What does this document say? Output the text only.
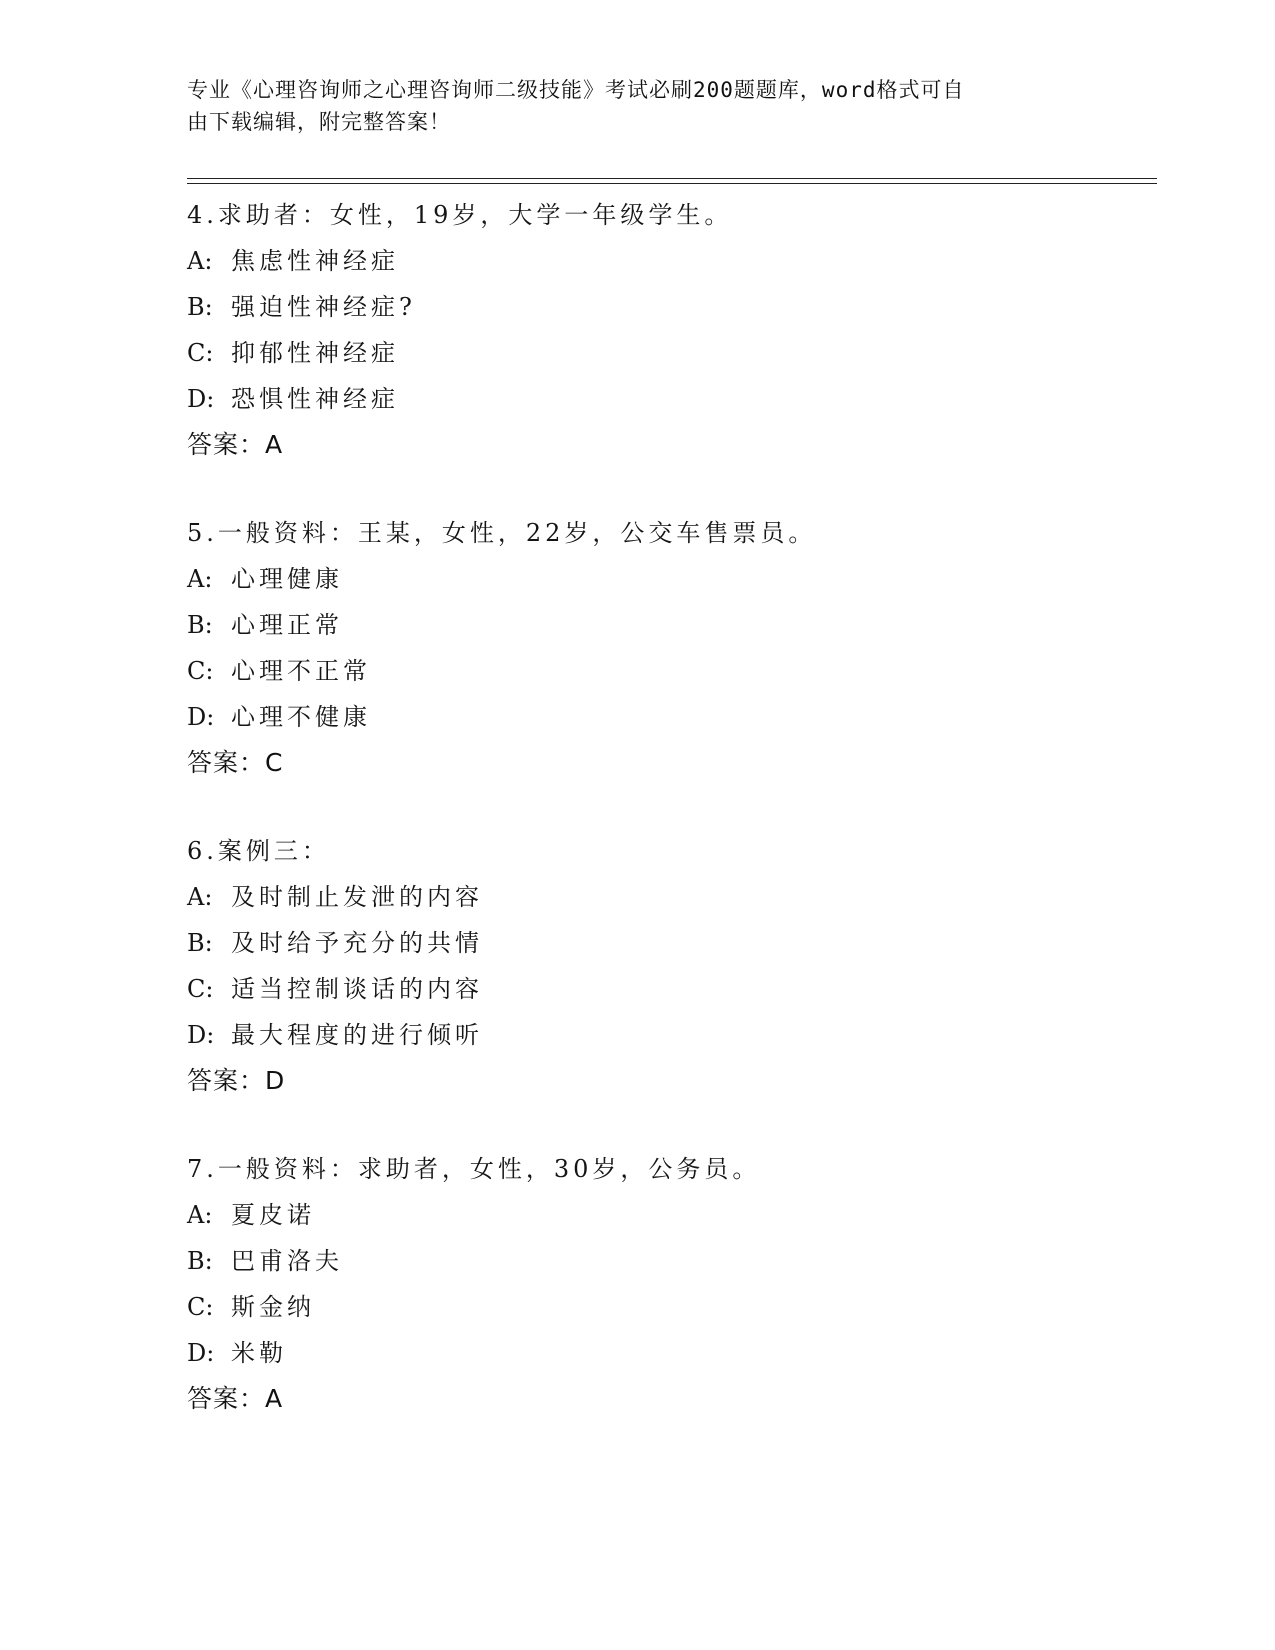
专业《心理咨询师之心理咨询师二级技能》考试必刷200题题库，word格式可自
由下载编辑，附完整答案！
4.求助者：女性，19岁，大学一年级学生。
A: 焦虑性神经症
B: 强迫性神经症?
C: 抑郁性神经症
D: 恐惧性神经症
答案：A
5.一般资料：王某，女性，22岁，公交车售票员。
A: 心理健康
B: 心理正常
C: 心理不正常
D: 心理不健康
答案：C
6.案例三：
A: 及时制止发泄的内容
B: 及时给予充分的共情
C: 适当控制谈话的内容
D: 最大程度的进行倾听
答案：D
7.一般资料：求助者，女性，30岁，公务员。
A: 夏皮诺
B: 巴甫洛夫
C: 斯金纳
D: 米勒
答案：A
